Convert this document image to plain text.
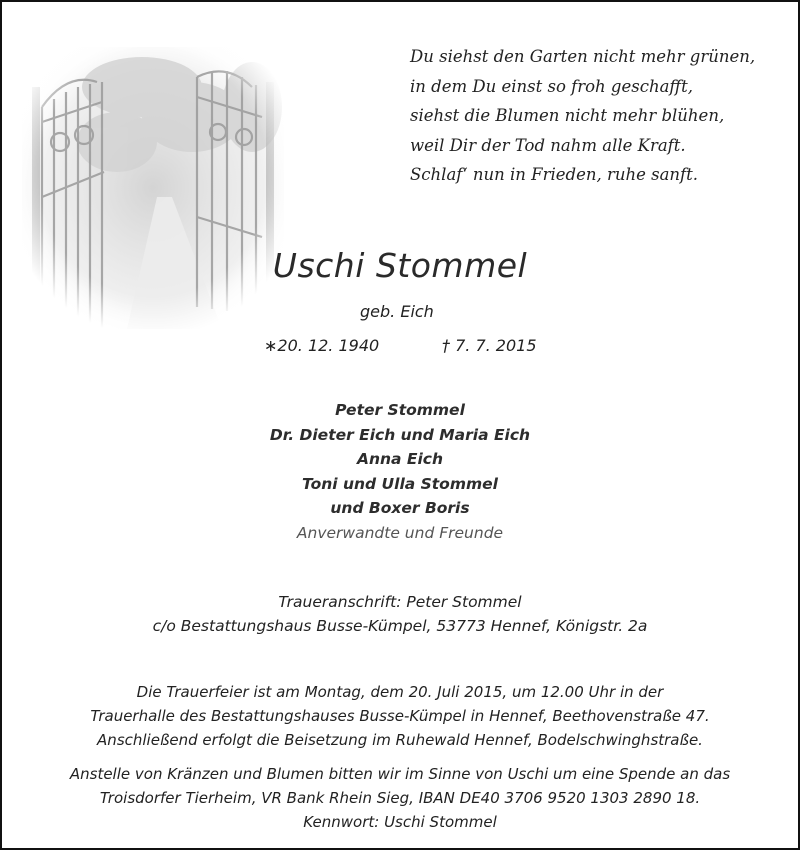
Du siehst den Garten nicht mehr grünen,
in dem Du einst so froh geschafft,
siehst die Blumen nicht mehr blühen,
weil Dir der Tod nahm alle Kraft.
Schlaf‘ nun in Frieden, ruhe sanft.
Uschi Stommel
geb. Eich
∗20. 12. 1940	† 7. 7. 2015
Peter Stommel
Dr. Dieter Eich und Maria Eich
Anna Eich
Toni und Ulla Stommel
und Boxer Boris
Anverwandte und Freunde
Traueranschrift: Peter Stommel
c/o Bestattungshaus Busse-Kümpel, 53773 Hennef, Königstr. 2a
Die Trauerfeier ist am Montag, dem 20. Juli 2015, um 12.00 Uhr in der
Trauerhalle des Bestattungshauses Busse-Kümpel in Hennef, Beethovenstraße 47.
Anschließend erfolgt die Beisetzung im Ruhewald Hennef, Bodelschwinghstraße.
Anstelle von Kränzen und Blumen bitten wir im Sinne von Uschi um eine Spende an das
Troisdorfer Tierheim, VR Bank Rhein Sieg, IBAN DE40 3706 9520 1303 2890 18.
Kennwort: Uschi Stommel
